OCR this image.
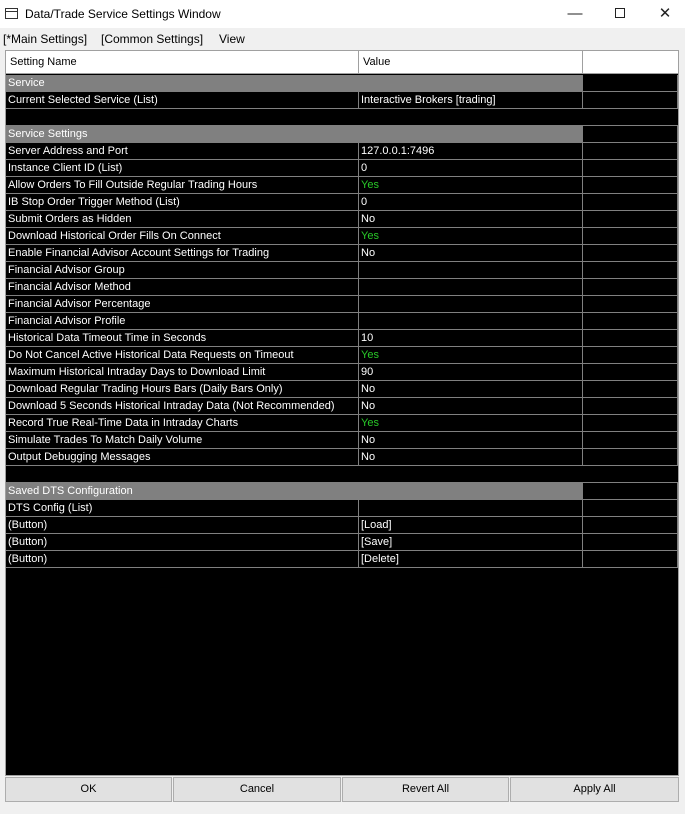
Data/Trade Service Settings Window	—	✕
[*Main Settings] [Common Settings] View
Setting Name	Value
Service
Current Selected Service (List)	Interactive Brokers [trading]
Service Settings
Server Address and Port	127.0.0.1:7496
Instance Client ID (List)	0
Allow Orders To Fill Outside Regular Trading Hours	Yes
IB Stop Order Trigger Method (List)	0
Submit Orders as Hidden	No
Download Historical Order Fills On Connect	Yes
Enable Financial Advisor Account Settings for Trading	No
Financial Advisor Group
Financial Advisor Method
Financial Advisor Percentage
Financial Advisor Profile
Historical Data Timeout Time in Seconds	10
Do Not Cancel Active Historical Data Requests on Timeout	Yes
Maximum Historical Intraday Days to Download Limit	90
Download Regular Trading Hours Bars (Daily Bars Only)	No
Download 5 Seconds Historical Intraday Data (Not Recommended)	No
Record True Real-Time Data in Intraday Charts	Yes
Simulate Trades To Match Daily Volume	No
Output Debugging Messages	No
Saved DTS Configuration
DTS Config (List)
(Button)	[Load]
(Button)	[Save]
(Button)	[Delete]
OK	Cancel	Revert All	Apply All
